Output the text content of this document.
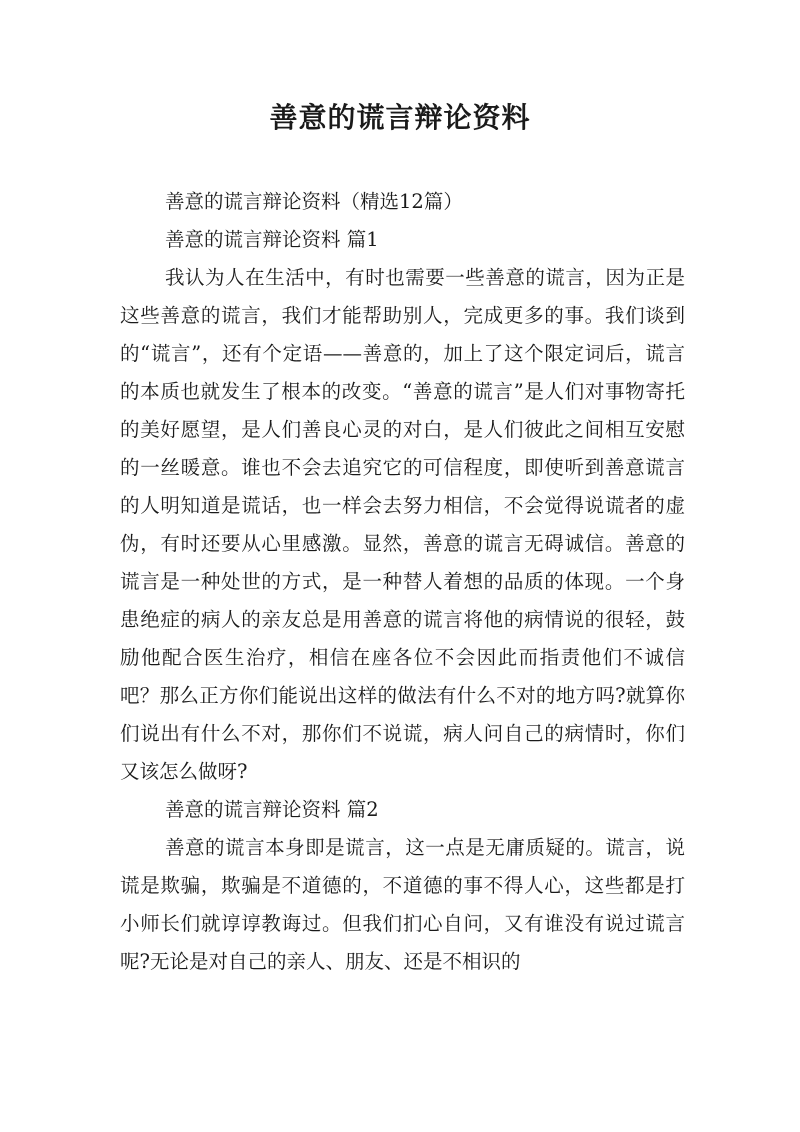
善意的谎言辩论资料

善意的谎言辩论资料（精选12篇）

善意的谎言辩论资料 篇1

我认为人在生活中，有时也需要一些善意的谎言，因为正是这些善意的谎言，我们才能帮助别人，完成更多的事。我们谈到的“谎言”，还有个定语——善意的，加上了这个限定词后，谎言的本质也就发生了根本的改变。“善意的谎言”是人们对事物寄托的美好愿望，是人们善良心灵的对白，是人们彼此之间相互安慰的一丝暖意。谁也不会去追究它的可信程度，即使听到善意谎言的人明知道是谎话，也一样会去努力相信，不会觉得说谎者的虚伪，有时还要从心里感激。显然，善意的谎言无碍诚信。善意的谎言是一种处世的方式，是一种替人着想的品质的体现。一个身患绝症的病人的亲友总是用善意的谎言将他的病情说的很轻，鼓励他配合医生治疗，相信在座各位不会因此而指责他们不诚信吧？那么正方你们能说出这样的做法有什么不对的地方吗?就算你们说出有什么不对，那你们不说谎，病人问自己的病情时，你们又该怎么做呀?

善意的谎言辩论资料 篇2

善意的谎言本身即是谎言，这一点是无庸质疑的。谎言，说谎是欺骗，欺骗是不道德的，不道德的事不得人心，这些都是打小师长们就谆谆教诲过。但我们扪心自问，又有谁没有说过谎言呢?无论是对自己的亲人、朋友、还是不相识的
